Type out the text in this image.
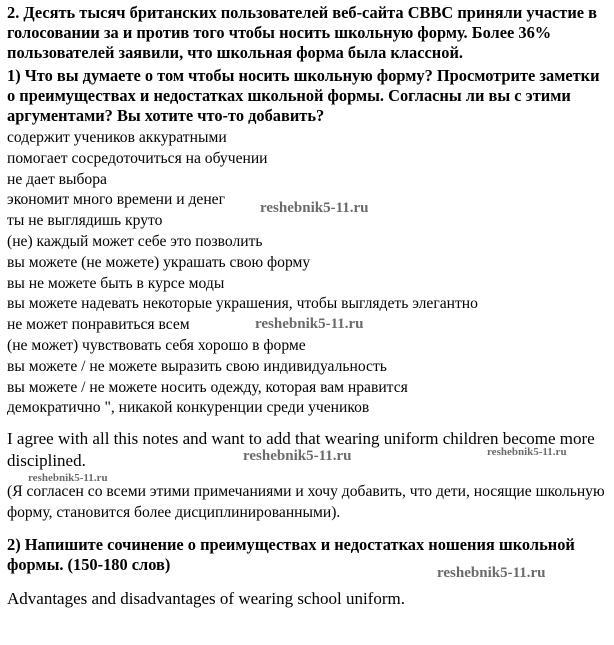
2. Десять тысяч британских пользователей веб-сайта CBBC приняли участие в голосовании за и против того чтобы носить школьную форму. Более 36% пользователей заявили, что школьная форма была классной.

1) Что вы думаете о том чтобы носить школьную форму? Просмотрите заметки о преимуществах и недостатках школьной формы. Согласны ли вы с этими аргументами? Вы хотите что-то добавить?

содержит учеников аккуратными
помогает сосредоточиться на обучении
не дает выбора
экономит много времени и денег
ты не выглядишь круто
(не) каждый может себе это позволить
вы можете (не можете) украшать свою форму
вы не можете быть в курсе моды
вы можете надевать некоторые украшения, чтобы выглядеть элегантно
не может понравиться всем
(не может) чувствовать себя хорошо в форме
вы можете / не можете выразить свою индивидуальность
вы можете / не можете носить одежду, которая вам нравится
демократично ", никакой конкуренции среди учеников

I agree with all this notes and want to add that wearing uniform children become more disciplined.

(Я согласен со всеми этими примечаниями и хочу добавить, что дети, носящие школьную форму, становится более дисциплинированными).

2) Напишите сочинение о преимуществах и недостатках ношения школьной формы. (150-180 слов)

Advantages and disadvantages of wearing school uniform.

reshebnik5-11.ru
reshebnik5-11.ru
reshebnik5-11.ru	reshebnik5-11.ru
reshebnik5-11.ru
reshebnik5-11.ru
